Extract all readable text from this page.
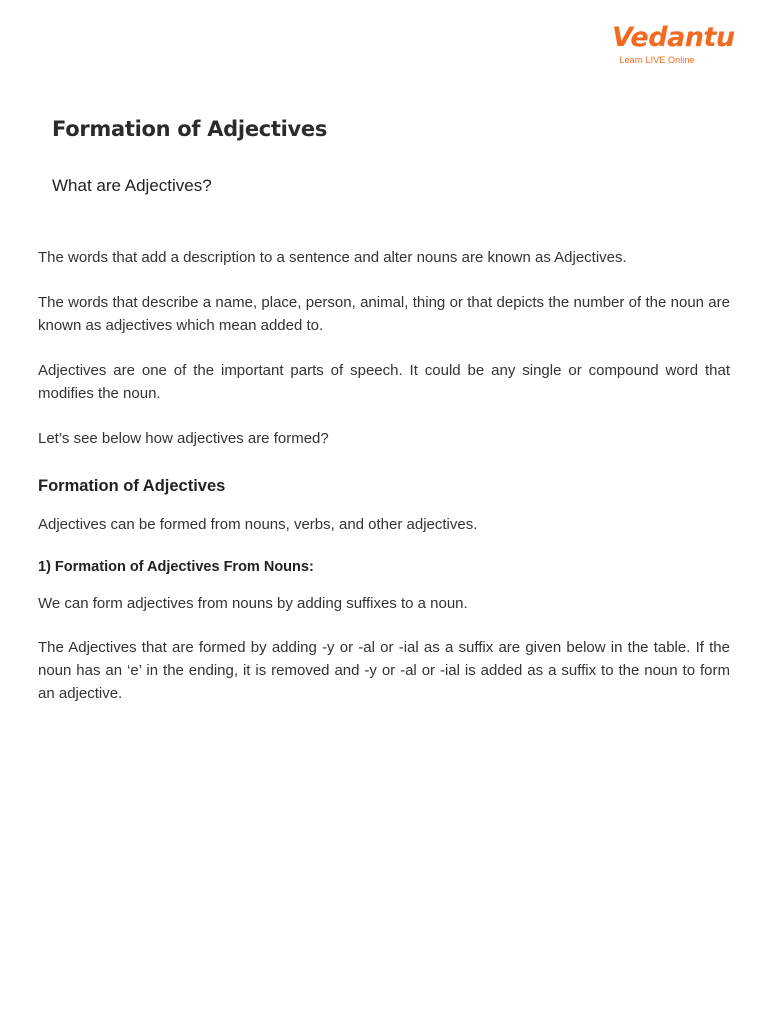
Vedantu
Learn LIVE Online
Formation of Adjectives
What are Adjectives?

The words that add a description to a sentence and alter nouns are known as Adjectives.

The words that describe a name, place, person, animal, thing or that depicts the number of the noun are known as adjectives which mean added to.

Adjectives are one of the important parts of speech. It could be any single or compound word that modifies the noun.

Let’s see below how adjectives are formed?

Formation of Adjectives

Adjectives can be formed from nouns, verbs, and other adjectives.

1) Formation of Adjectives From Nouns:

We can form adjectives from nouns by adding suffixes to a noun.

The Adjectives that are formed by adding -y or -al or -ial as a suffix are given below in the table. If the noun has an ‘e’ in the ending, it is removed and -y or -al or -ial is added as a suffix to the noun to form an adjective.
